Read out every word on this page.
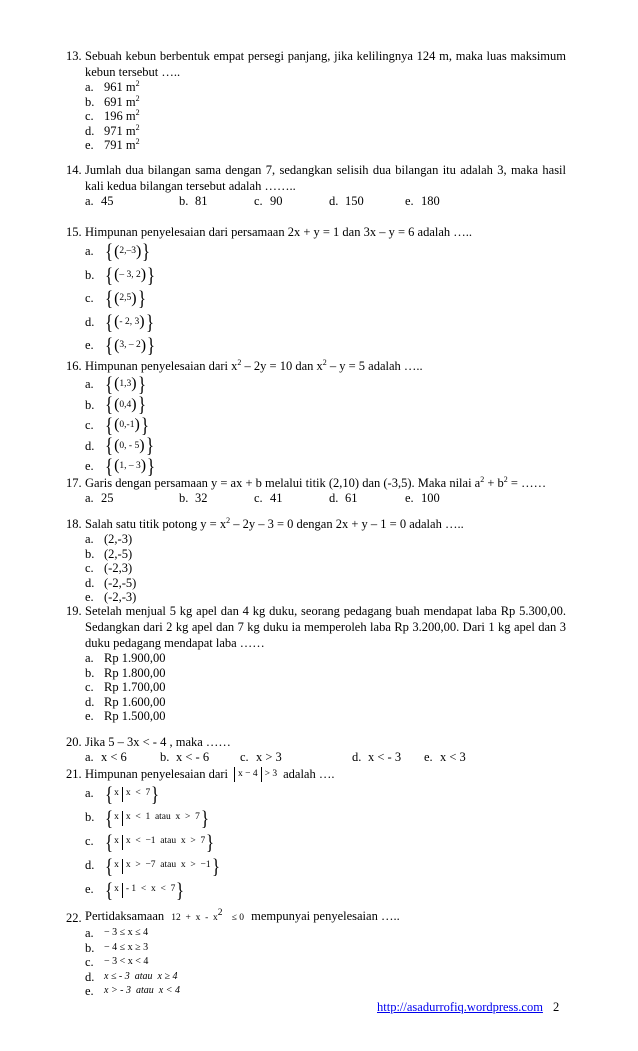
13. Sebuah kebun berbentuk empat persegi panjang, jika kelilingnya 124 m, maka luas maksimum kebun tersebut …..
a. 961 $m^2$
b. 691 $m^2$
c. 196 $m^2$
d. 971 $m^2$
e. 791 $m^2$
14. Jumlah dua bilangan sama dengan 7, sedangkan selisih dua bilangan itu adalah 3, maka hasil kali kedua bilangan tersebut adalah ……..
a. 45	b. 81	c. 90	d. 150	e. 180
15. Himpunan penyelesaian dari persamaan 2x + y = 1 dan 3x – y = 6 adalah …..
a. { ( 2,–3 ) }
b. { ( – 3, 2 ) }
c. { ( 2,5 ) }
d. { ( - 2, 3 ) }
e. { ( 3, – 2 ) }
16. Himpunan penyelesaian dari $x^2 - 2y = 10$ dan $x^2 - y = 5$ adalah …..
a. { ( 1,3 ) }
b. { ( 0,4 ) }
c. { ( 0,-1 ) }
d. { ( 0, - 5 ) }
e. { ( 1, – 3 ) }
17. Garis dengan persamaan y = ax + b melalui titik (2,10) dan (-3,5). Maka nilai $a^2 + b^2$ = ……
a. 25	b. 32	c. 41	d. 61	e. 100
18. Salah satu titik potong $y = x^2 - 2y - 3 = 0$ dengan 2x + y – 1 = 0 adalah …..
a. (2,-3)
b. (2,-5)
c. (-2,3)
d. (-2,-5)
e. (-2,-3)
19. Setelah menjual 5 kg apel dan 4 kg duku, seorang pedagang buah mendapat laba Rp 5.300,00. Sedangkan dari 2 kg apel dan 7 kg duku ia memperoleh laba Rp 3.200,00. Dari 1 kg apel dan 3 duku pedagang mendapat laba ……
a. Rp 1.900,00
b. Rp 1.800,00
c. Rp 1.700,00
d. Rp 1.600,00
e. Rp 1.500,00
20. Jika 5 – 3x < - 4 , maka ……
a. x < 6	b. x < - 6 c. x > 3	d. x < - 3 e. x < 3
21. Himpunan penyelesaian dari x − 4 > 3 adalah ….
a. { x x  <  7 }
b. { x x  <  1  atau  x  >  7 }
c. { x x  <  −1  atau  x  >  7 }
d. { x x  >  −7  atau  x  >  −1 }
e. { x - 1  <  x  <  7 }
22. Pertidaksamaan $12 + x - x^2 \le 0$ mempunyai penyelesaian …..
a.	− 3 ≤ x ≤ 4
b. − 4 ≤ x ≥ 3
c.	− 3 < x < 4
d. x ≤ - 3  atau  x ≥ 4
e.	x > - 3  atau  x < 4
http://asadurrofiq.wordpress.com 2
